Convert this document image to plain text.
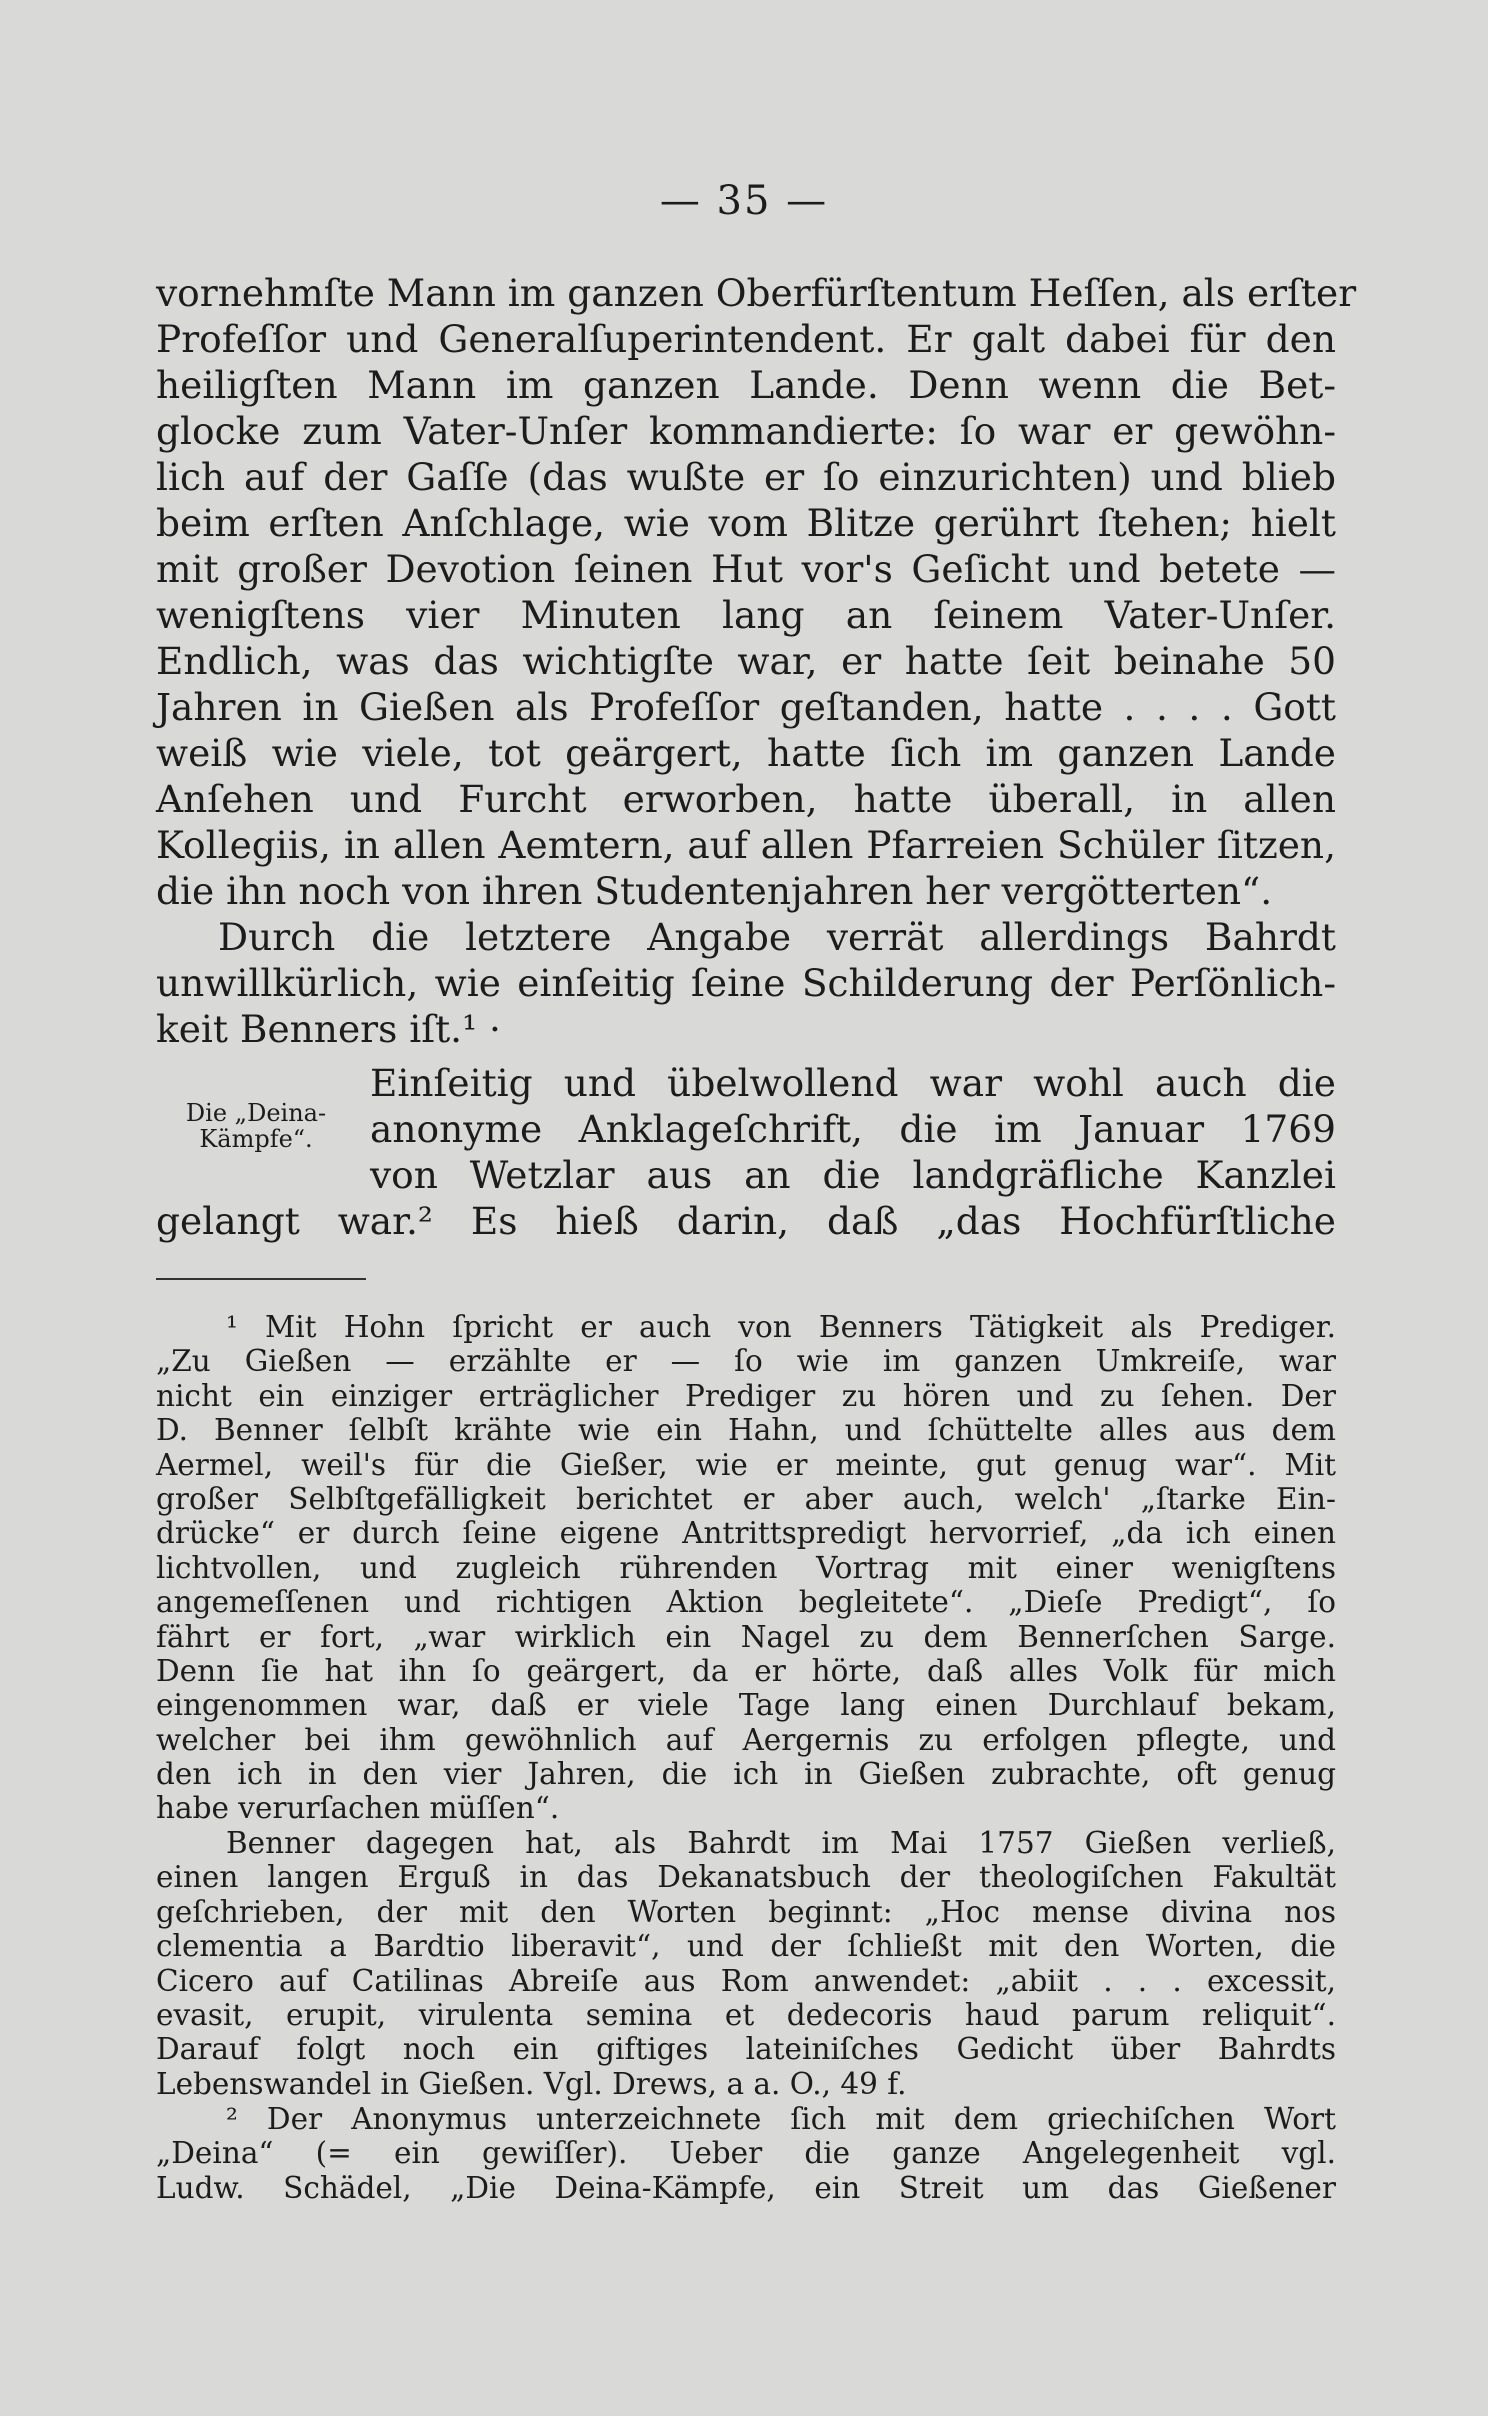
— 35 —
vornehmſte Mann im ganzen Oberfürſtentum Heſſen, als erſter
Profeſſor und Generalſuperintendent. Er galt dabei für den
heiligſten Mann im ganzen Lande. Denn wenn die Bet-
glocke zum Vater-Unſer kommandierte: ſo war er gewöhn-
lich auf der Gaſſe (das wußte er ſo einzurichten) und blieb
beim erſten Anſchlage, wie vom Blitze gerührt ſtehen; hielt
mit großer Devotion ſeinen Hut vor's Geſicht und betete —
wenigſtens vier Minuten lang an ſeinem Vater-Unſer.
Endlich, was das wichtigſte war, er hatte ſeit beinahe 50
Jahren in Gießen als Profeſſor geſtanden, hatte . . . . Gott
weiß wie viele, tot geärgert, hatte ſich im ganzen Lande
Anſehen und Furcht erworben, hatte überall, in allen
Kollegiis, in allen Aemtern, auf allen Pfarreien Schüler ſitzen,
die ihn noch von ihren Studentenjahren her vergötterten“.
Durch die letztere Angabe verrät allerdings Bahrdt
unwillkürlich, wie einſeitig ſeine Schilderung der Perſönlich-
keit Benners iſt.¹ ·
Die „Deina-
Kämpfe“.
Einſeitig und übelwollend war wohl auch die
anonyme Anklageſchrift, die im Januar 1769
von Wetzlar aus an die landgräfliche Kanzlei
gelangt war.² Es hieß darin, daß „das Hochfürſtliche
¹ Mit Hohn ſpricht er auch von Benners Tätigkeit als Prediger.
„Zu Gießen — erzählte er — ſo wie im ganzen Umkreiſe, war
nicht ein einziger erträglicher Prediger zu hören und zu ſehen. Der
D. Benner ſelbſt krähte wie ein Hahn, und ſchüttelte alles aus dem
Aermel, weil's für die Gießer, wie er meinte, gut genug war“. Mit
großer Selbſtgefälligkeit berichtet er aber auch, welch' „ſtarke Ein-
drücke“ er durch ſeine eigene Antrittspredigt hervorrief, „da ich einen
lichtvollen, und zugleich rührenden Vortrag mit einer wenigſtens
angemeſſenen und richtigen Aktion begleitete“. „Dieſe Predigt“, ſo
fährt er fort, „war wirklich ein Nagel zu dem Bennerſchen Sarge.
Denn ſie hat ihn ſo geärgert, da er hörte, daß alles Volk für mich
eingenommen war, daß er viele Tage lang einen Durchlauf bekam,
welcher bei ihm gewöhnlich auf Aergernis zu erfolgen pflegte, und
den ich in den vier Jahren, die ich in Gießen zubrachte, oft genug
habe verurſachen müſſen“.
Benner dagegen hat, als Bahrdt im Mai 1757 Gießen verließ,
einen langen Erguß in das Dekanatsbuch der theologiſchen Fakultät
geſchrieben, der mit den Worten beginnt: „Hoc mense divina nos
clementia a Bardtio liberavit“, und der ſchließt mit den Worten, die
Cicero auf Catilinas Abreiſe aus Rom anwendet: „abiit . . . excessit,
evasit, erupit, virulenta semina et dedecoris haud parum reliquit“.
Darauf folgt noch ein giftiges lateiniſches Gedicht über Bahrdts
Lebenswandel in Gießen. Vgl. Drews, a a. O., 49 f.
² Der Anonymus unterzeichnete ſich mit dem griechiſchen Wort
„Deina“ (= ein gewiſſer). Ueber die ganze Angelegenheit vgl.
Ludw. Schädel, „Die Deina-Kämpfe, ein Streit um das Gießener
